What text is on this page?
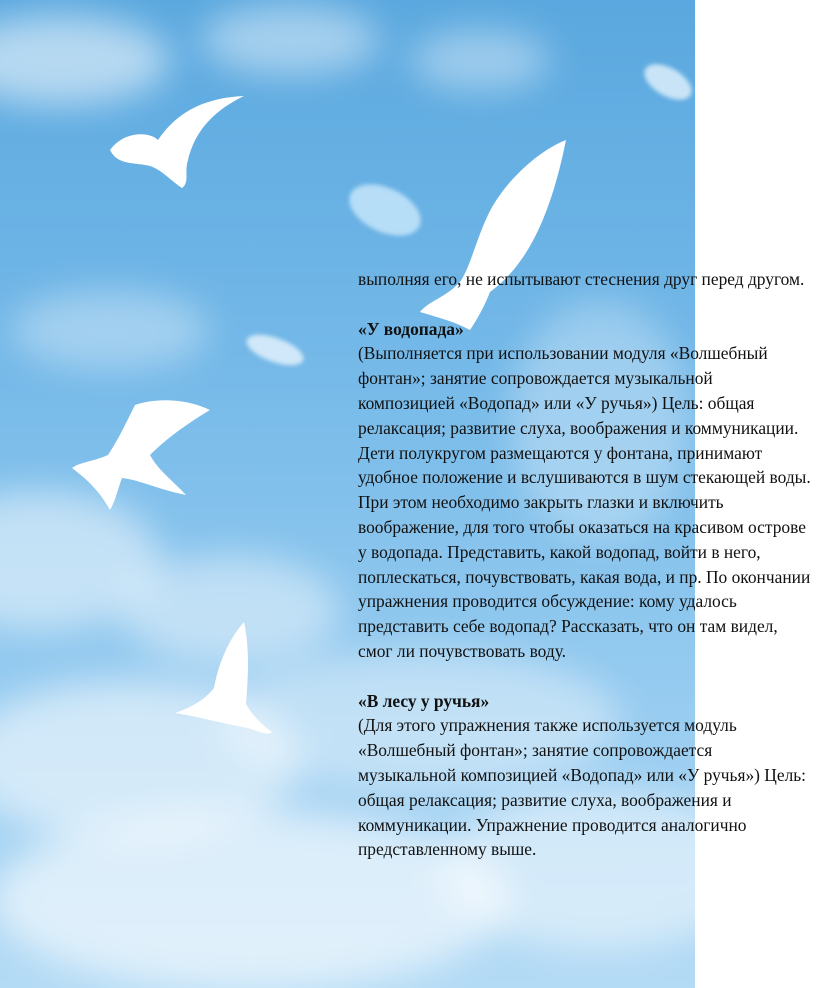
выполняя его, не испытывают стеснения друг перед другом.

«У водопада»

(Выполняется при использовании модуля «Волшебный фонтан»; занятие сопровождается музыкальной композицией «Водопад» или «У ручья») Цель: общая релаксация; развитие слуха, воображения и коммуникации. Дети полукругом размещаются у фонтана, принимают удобное положение и вслушиваются в шум стекающей воды. При этом необходимо закрыть глазки и включить воображение, для того чтобы оказаться на красивом острове у водопада. Представить, какой водопад, войти в него, поплескаться, почувствовать, какая вода, и пр. По окончании упражнения проводится обсуждение: кому удалось представить себе водопад? Рассказать, что он там видел, смог ли почувствовать воду.

«В лесу у ручья»

(Для этого упражнения также используется модуль «Волшебный фонтан»; занятие сопровождается музыкальной композицией «Водопад» или «У ручья») Цель: общая релаксация; развитие слуха, воображения и коммуникации. Упражнение проводится аналогично представленному выше.
